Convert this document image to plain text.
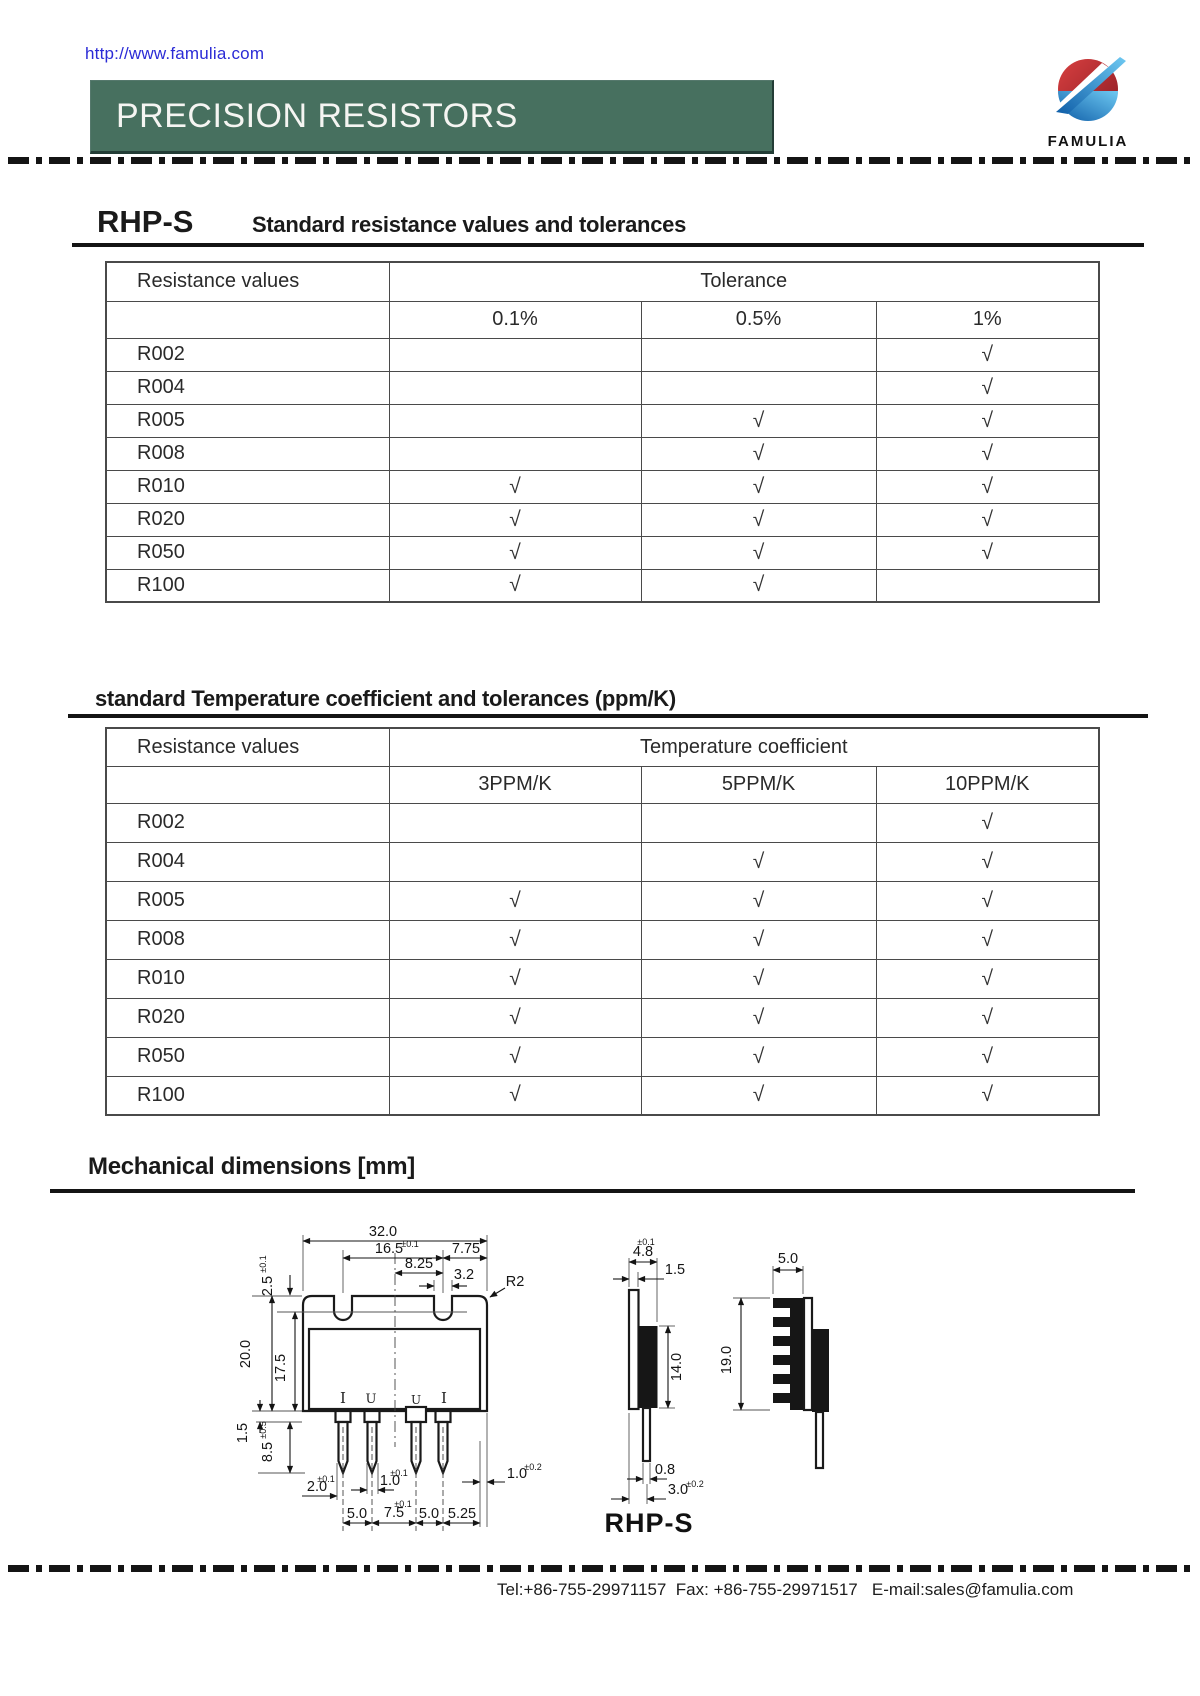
http://www.famulia.com
PRECISION RESISTORS
FAMULIA
RHP-S	Standard resistance values and tolerances
Resistance values	Tolerance		
	0.1%	0.5%	1%
R002			√
R004			√
R005		√	√
R008		√	√
R010	√	√	√
R020	√	√	√
R050	√	√	√
R100	√	√	
standard Temperature coefficient and tolerances (ppm/K)
Resistance values	Temperature coefficient		
	3PPM/K	5PPM/K	10PPM/K
R002			√
R004		√	√
R005	√	√	√
R008	√	√	√
R010	√	√	√
R020	√	√	√
R050	√	√	√
R100	√	√	√
Mechanical dimensions [mm]
I U	U I
32.0
16.5
±0.1 7.75
8.25
3.2 R2
2.5
±0.1
20.0 17.5
1.5
8.5
±0.5
2.0
±0.1	1.0
±0.1	1.0
±0.2
5.0 7.5
±0.1
5.0 5.25
4.8
±0.1
1.5
14.0
0.8
3.0
±0.2
5.0
19.0
RHP-S
Tel:+86-755-29971157  Fax: +86-755-29971517   E-mail:sales@famulia.com
